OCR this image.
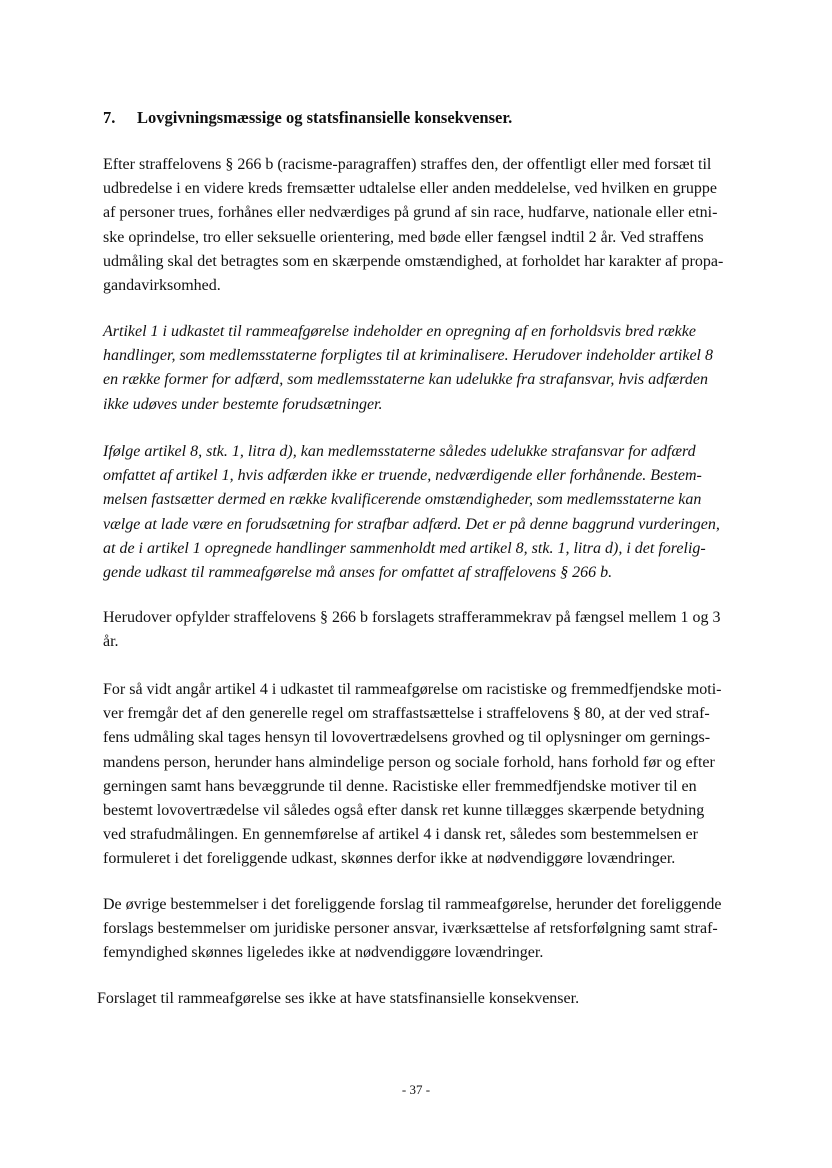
7. Lovgivningsmæssige og statsfinansielle konsekvenser.

Efter straffelovens § 266 b (racisme-paragraffen) straffes den, der offentligt eller med forsæt til
udbredelse i en videre kreds fremsætter udtalelse eller anden meddelelse, ved hvilken en gruppe
af personer trues, forhånes eller nedværdiges på grund af sin race, hudfarve, nationale eller etni-
ske oprindelse, tro eller seksuelle orientering, med bøde eller fængsel indtil 2 år. Ved straffens
udmåling skal det betragtes som en skærpende omstændighed, at forholdet har karakter af propa-
gandavirksomhed.

Artikel 1 i udkastet til rammeafgørelse indeholder en opregning af en forholdsvis bred række
handlinger, som medlemsstaterne forpligtes til at kriminalisere. Herudover indeholder artikel 8
en række former for adfærd, som medlemsstaterne kan udelukke fra strafansvar, hvis adfærden
ikke udøves under bestemte forudsætninger.

Ifølge artikel 8, stk. 1, litra d), kan medlemsstaterne således udelukke strafansvar for adfærd
omfattet af artikel 1, hvis adfærden ikke er truende, nedværdigende eller forhånende. Bestem-
melsen fastsætter dermed en række kvalificerende omstændigheder, som medlemsstaterne kan
vælge at lade være en forudsætning for strafbar adfærd. Det er på denne baggrund vurderingen,
at de i artikel 1 opregnede handlinger sammenholdt med artikel 8, stk. 1, litra d), i det forelig-
gende udkast til rammeafgørelse må anses for omfattet af straffelovens § 266 b.

Herudover opfylder straffelovens § 266 b forslagets strafferammekrav på fængsel mellem 1 og 3
år.

For så vidt angår artikel 4 i udkastet til rammeafgørelse om racistiske og fremmedfjendske moti-
ver fremgår det af den generelle regel om straffastsættelse i straffelovens § 80, at der ved straf-
fens udmåling skal tages hensyn til lovovertrædelsens grovhed og til oplysninger om gernings-
mandens person, herunder hans almindelige person og sociale forhold, hans forhold før og efter
gerningen samt hans bevæggrunde til denne. Racistiske eller fremmedfjendske motiver til en
bestemt lovovertrædelse vil således også efter dansk ret kunne tillægges skærpende betydning
ved strafudmålingen. En gennemførelse af artikel 4 i dansk ret, således som bestemmelsen er
formuleret i det foreliggende udkast, skønnes derfor ikke at nødvendiggøre lovændringer.

De øvrige bestemmelser i det foreliggende forslag til rammeafgørelse, herunder det foreliggende
forslags bestemmelser om juridiske personer ansvar, iværksættelse af retsforfølgning samt straf-
femyndighed skønnes ligeledes ikke at nødvendiggøre lovændringer.

Forslaget til rammeafgørelse ses ikke at have statsfinansielle konsekvenser.

- 37 -
